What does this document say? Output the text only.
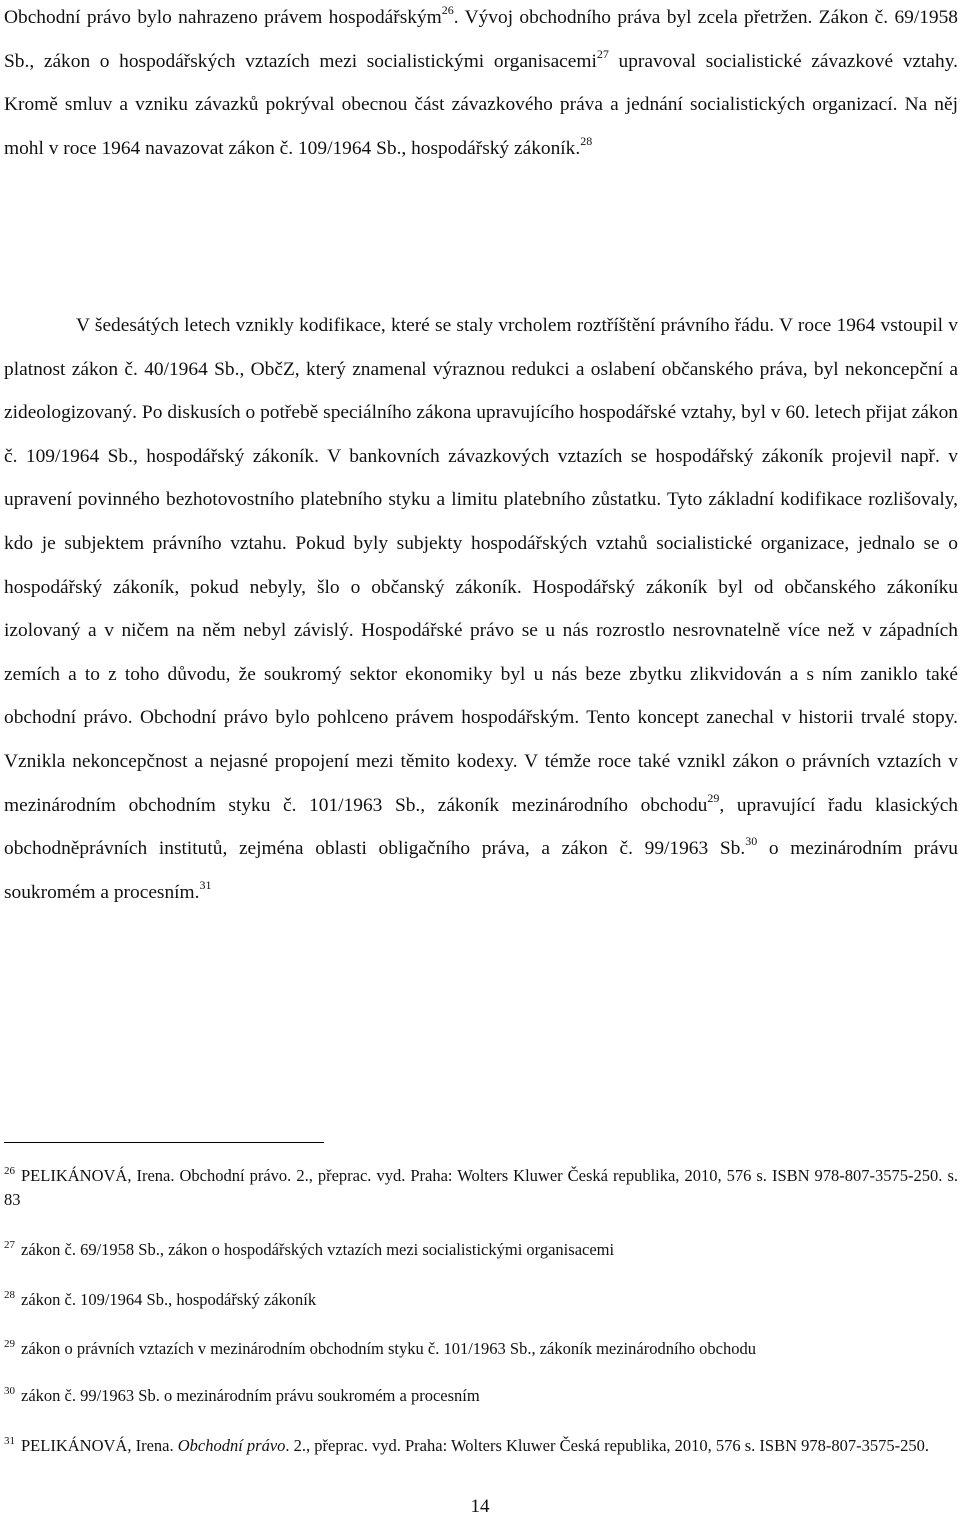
Obchodní právo bylo nahrazeno právem hospodářským$^{26}$. Vývoj obchodního práva byl zcela přetržen. Zákon č. 69/1958 Sb., zákon o hospodářských vztazích mezi socialistickými organisacemi$^{27}$ upravoval socialistické závazkové vztahy. Kromě smluv a vzniku závazků pokrýval obecnou část závazkového práva a jednání socialistických organizací. Na něj mohl v roce 1964 navazovat zákon č. 109/1964 Sb., hospodářský zákoník.$^{28}$

V šedesátých letech vznikly kodifikace, které se staly vrcholem roztříštění právního řádu. V roce 1964 vstoupil v platnost zákon č. 40/1964 Sb., ObčZ, který znamenal výraznou redukci a oslabení občanského práva, byl nekoncepční a zideologizovaný. Po diskusích o potřebě speciálního zákona upravujícího hospodářské vztahy, byl v 60. letech přijat zákon č. 109/1964 Sb., hospodářský zákoník. V bankovních závazkových vztazích se hospodářský zákoník projevil např. v upravení povinného bezhotovostního platebního styku a limitu platebního zůstatku. Tyto základní kodifikace rozlišovaly, kdo je subjektem právního vztahu. Pokud byly subjekty hospodářských vztahů socialistické organizace, jednalo se o hospodářský zákoník, pokud nebyly, šlo o občanský zákoník. Hospodářský zákoník byl od občanského zákoníku izolovaný a v ničem na něm nebyl závislý. Hospodářské právo se u nás rozrostlo nesrovnatelně více než v západních zemích a to z toho důvodu, že soukromý sektor ekonomiky byl u nás beze zbytku zlikvidován a s ním zaniklo také obchodní právo. Obchodní právo bylo pohlceno právem hospodářským. Tento koncept zanechal v historii trvalé stopy. Vznikla nekoncepčnost a nejasné propojení mezi těmito kodexy. V témže roce také vznikl zákon o právních vztazích v mezinárodním obchodním styku č. 101/1963 Sb., zákoník mezinárodního obchodu$^{29}$, upravující řadu klasických obchodněprávních institutů, zejména oblasti obligačního práva, a zákon č. 99/1963 Sb.$^{30}$ o mezinárodním právu soukromém a procesním.$^{31}$

$^{26}$ PELIKÁNOVÁ, Irena. Obchodní právo. 2., přeprac. vyd. Praha: Wolters Kluwer Česká republika, 2010, 576 s. ISBN 978-807-3575-250. s. 83

$^{27}$ zákon č. 69/1958 Sb., zákon o hospodářských vztazích mezi socialistickými organisacemi

$^{28}$ zákon č. 109/1964 Sb., hospodářský zákoník

$^{29}$ zákon o právních vztazích v mezinárodním obchodním styku č. 101/1963 Sb., zákoník mezinárodního obchodu

$^{30}$ zákon č. 99/1963 Sb. o mezinárodním právu soukromém a procesním

$^{31}$ PELIKÁNOVÁ, Irena. Obchodní právo. 2., přeprac. vyd. Praha: Wolters Kluwer Česká republika, 2010, 576 s. ISBN 978-807-3575-250.

14
